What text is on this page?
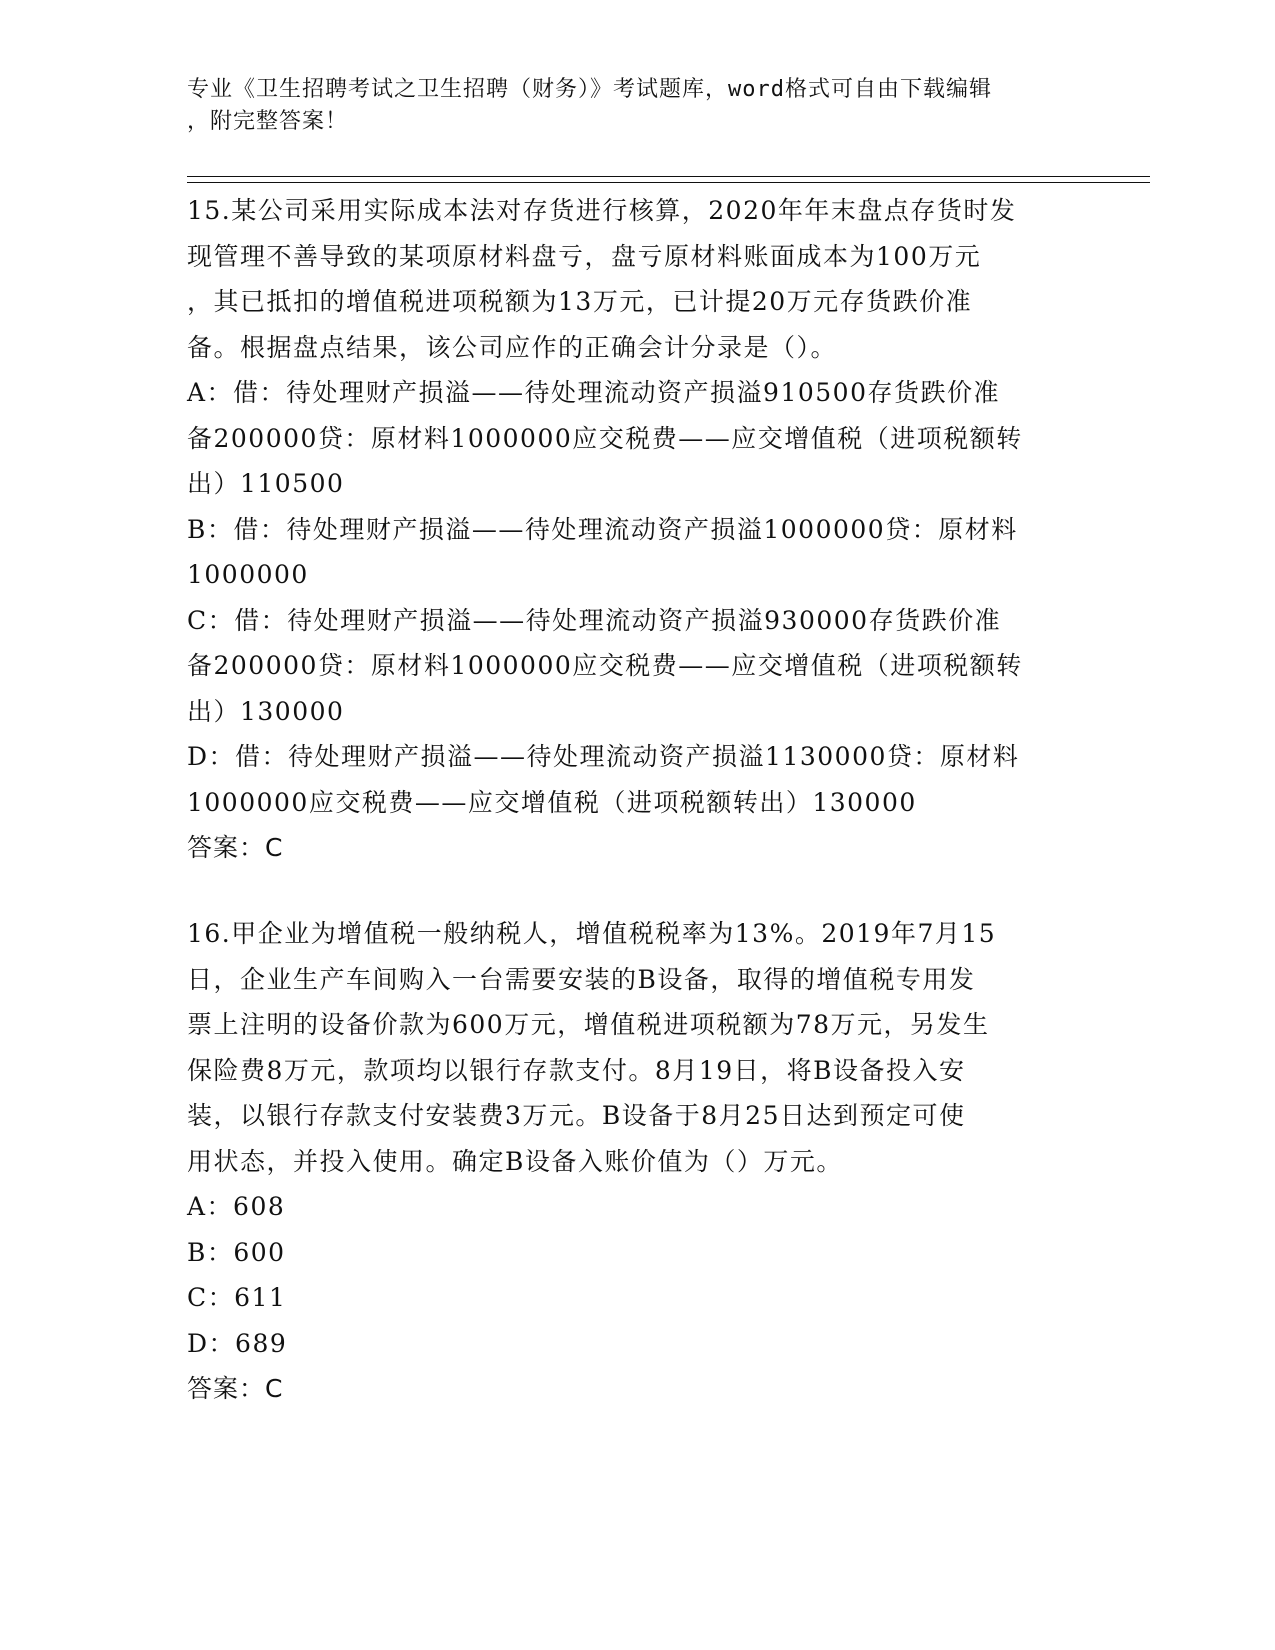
专业《卫生招聘考试之卫生招聘（财务）》考试题库，word格式可自由下载编辑
，附完整答案！
15.某公司采用实际成本法对存货进行核算，2020年年末盘点存货时发
现管理不善导致的某项原材料盘亏，盘亏原材料账面成本为100万元
，其已抵扣的增值税进项税额为13万元，已计提20万元存货跌价准
备。根据盘点结果，该公司应作的正确会计分录是（）。
A：借：待处理财产损溢——待处理流动资产损溢910500存货跌价准
备200000贷：原材料1000000应交税费——应交增值税（进项税额转
出）110500
B：借：待处理财产损溢——待处理流动资产损溢1000000贷：原材料
1000000
C：借：待处理财产损溢——待处理流动资产损溢930000存货跌价准
备200000贷：原材料1000000应交税费——应交增值税（进项税额转
出）130000
D：借：待处理财产损溢——待处理流动资产损溢1130000贷：原材料
1000000应交税费——应交增值税（进项税额转出）130000
答案：C
16.甲企业为增值税一般纳税人，增值税税率为13%。2019年7月15
日，企业生产车间购入一台需要安装的B设备，取得的增值税专用发
票上注明的设备价款为600万元，增值税进项税额为78万元，另发生
保险费8万元，款项均以银行存款支付。8月19日，将B设备投入安
装，以银行存款支付安装费3万元。B设备于8月25日达到预定可使
用状态，并投入使用。确定B设备入账价值为（）万元。
A：608
B：600
C：611
D：689
答案：C
